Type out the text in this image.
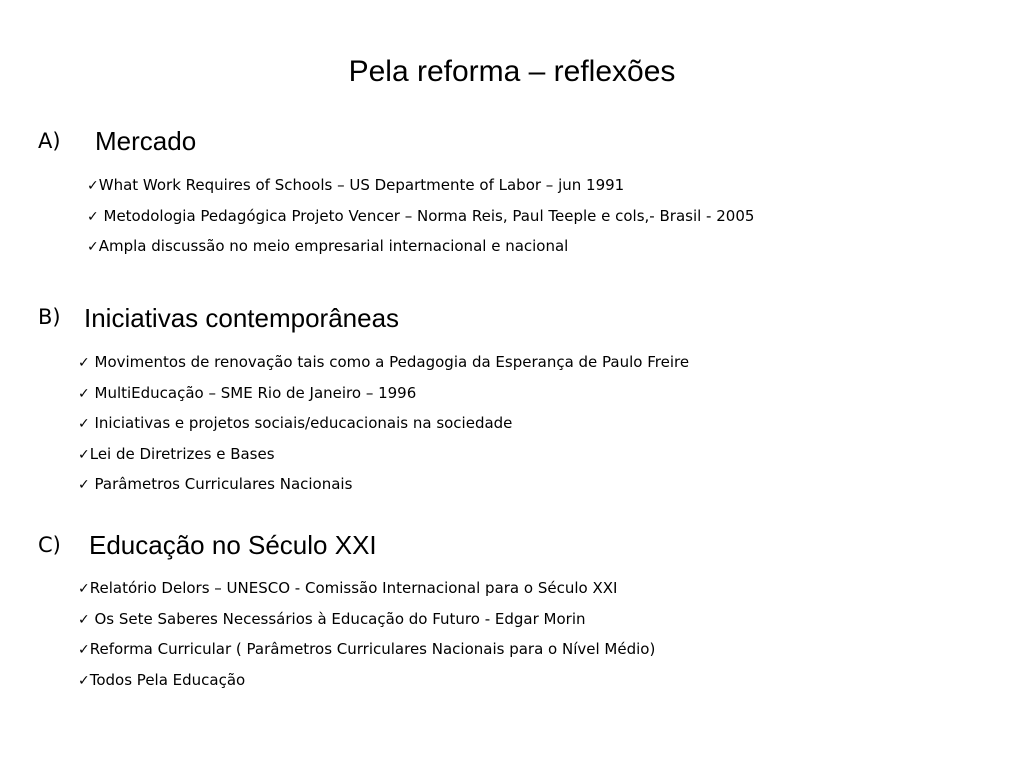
Pela reforma – reflexões
A) Mercado
✓What Work Requires of Schools – US Departmente of Labor – jun 1991
✓ Metodologia Pedagógica Projeto Vencer – Norma Reis, Paul Teeple e cols,- Brasil - 2005
✓Ampla discussão no meio empresarial internacional e nacional
B) Iniciativas contemporâneas
✓ Movimentos de renovação tais como a Pedagogia da Esperança de Paulo Freire
✓ MultiEducação – SME Rio de Janeiro – 1996
✓ Iniciativas e projetos sociais/educacionais na sociedade
✓Lei de Diretrizes e Bases
✓ Parâmetros Curriculares Nacionais
C) Educação no Século XXI
✓Relatório Delors – UNESCO - Comissão Internacional para o Século XXI
✓ Os Sete Saberes Necessários à Educação do Futuro - Edgar Morin
✓Reforma Curricular ( Parâmetros Curriculares Nacionais para o Nível Médio)
✓Todos Pela Educação
